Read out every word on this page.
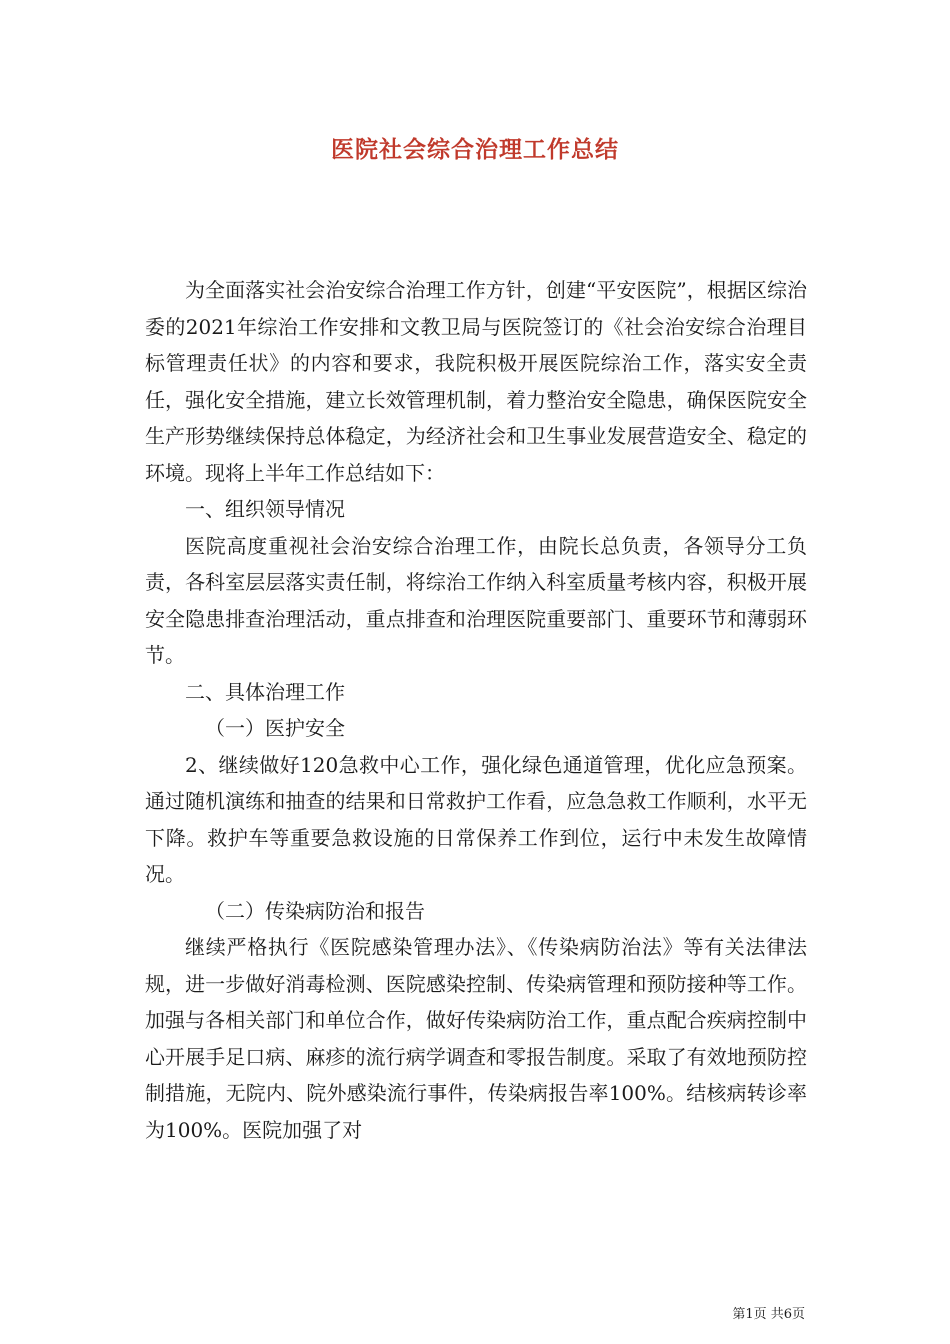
医院社会综合治理工作总结

为全面落实社会治安综合治理工作方针，创建“平安医院”，根据区综治委的2021年综治工作安排和文教卫局与医院签订的《社会治安综合治理目标管理责任状》的内容和要求，我院积极开展医院综治工作，落实安全责任，强化安全措施，建立长效管理机制，着力整治安全隐患，确保医院安全生产形势继续保持总体稳定，为经济社会和卫生事业发展营造安全、稳定的环境。现将上半年工作总结如下：

一、组织领导情况

医院高度重视社会治安综合治理工作，由院长总负责，各领导分工负责，各科室层层落实责任制，将综治工作纳入科室质量考核内容，积极开展安全隐患排查治理活动，重点排查和治理医院重要部门、重要环节和薄弱环节。

二、具体治理工作

（一）医护安全

2、继续做好120急救中心工作，强化绿色通道管理，优化应急预案。通过随机演练和抽查的结果和日常救护工作看，应急急救工作顺利，水平无下降。救护车等重要急救设施的日常保养工作到位，运行中未发生故障情况。

（二）传染病防治和报告

继续严格执行《医院感染管理办法》、《传染病防治法》等有关法律法规，进一步做好消毒检测、医院感染控制、传染病管理和预防接种等工作。加强与各相关部门和单位合作，做好传染病防治工作，重点配合疾病控制中心开展手足口病、麻疹的流行病学调查和零报告制度。采取了有效地预防控制措施，无院内、院外感染流行事件，传染病报告率100%。结核病转诊率为100%。医院加强了对

第1页 共6页
